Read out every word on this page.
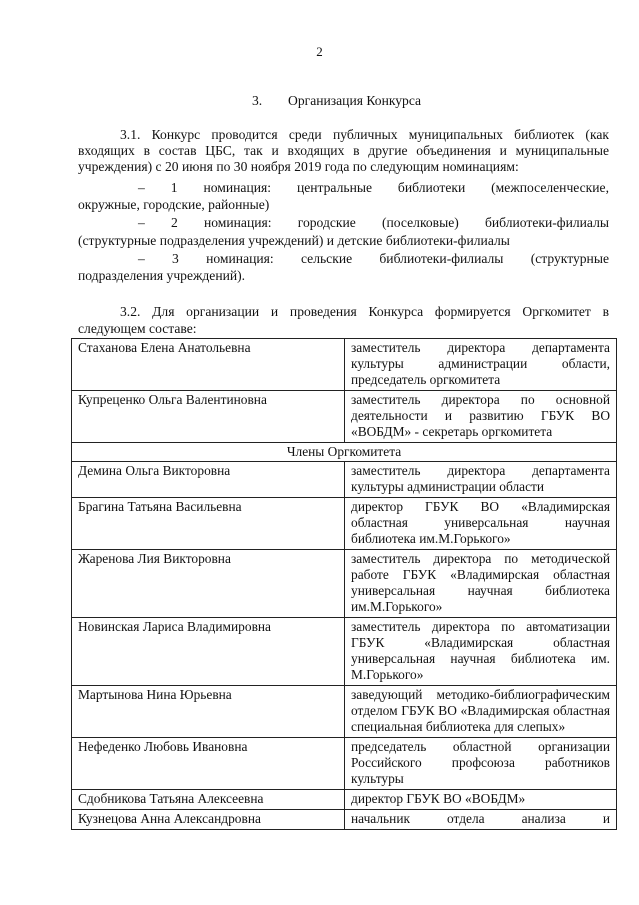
2
3. Организация Конкурса
3.1. Конкурс проводится среди публичных муниципальных библиотек (как входящих в состав ЦБС, так и входящих в другие объединения и муниципальные учреждения) с 20 июня по 30 ноября 2019 года по следующим номинациям:
– 1 номинация: центральные библиотеки (межпоселенческие,
окружные, городские, районные)
– 2 номинация: городские (поселковые) библиотеки-филиалы
(структурные подразделения учреждений) и детские библиотеки-филиалы
– 3 номинация: сельские библиотеки-филиалы (структурные
подразделения учреждений).
3.2. Для организации и проведения Конкурса формируется Оргкомитет в
следующем составе:
Стаханова Елена Анатольевна	заместитель директора департамента культуры администрации области, председатель оргкомитета
Купреценко Ольга Валентиновна	заместитель директора по основной деятельности и развитию ГБУК ВО «ВОБДМ» - секретарь оргкомитета
Члены Оргкомитета	
Демина Ольга Викторовна	заместитель директора департамента культуры администрации области
Брагина Татьяна Васильевна	директор ГБУК ВО «Владимирская областная универсальная научная библиотека им.М.Горького»
Жаренова Лия Викторовна	заместитель директора по методической работе ГБУК «Владимирская областная универсальная научная библиотека им.М.Горького»
Новинская Лариса Владимировна	заместитель директора по автоматизации ГБУК «Владимирская областная универсальная научная библиотека им. М.Горького»
Мартынова Нина Юрьевна	заведующий методико-библиографическим отделом ГБУК ВО «Владимирская областная специальная библиотека для слепых»
Нефеденко Любовь Ивановна	председатель областной организации Российского профсоюза работников культуры
Сдобникова Татьяна Алексеевна	директор ГБУК ВО «ВОБДМ»
Кузнецова Анна Александровна	начальник отдела анализа и
